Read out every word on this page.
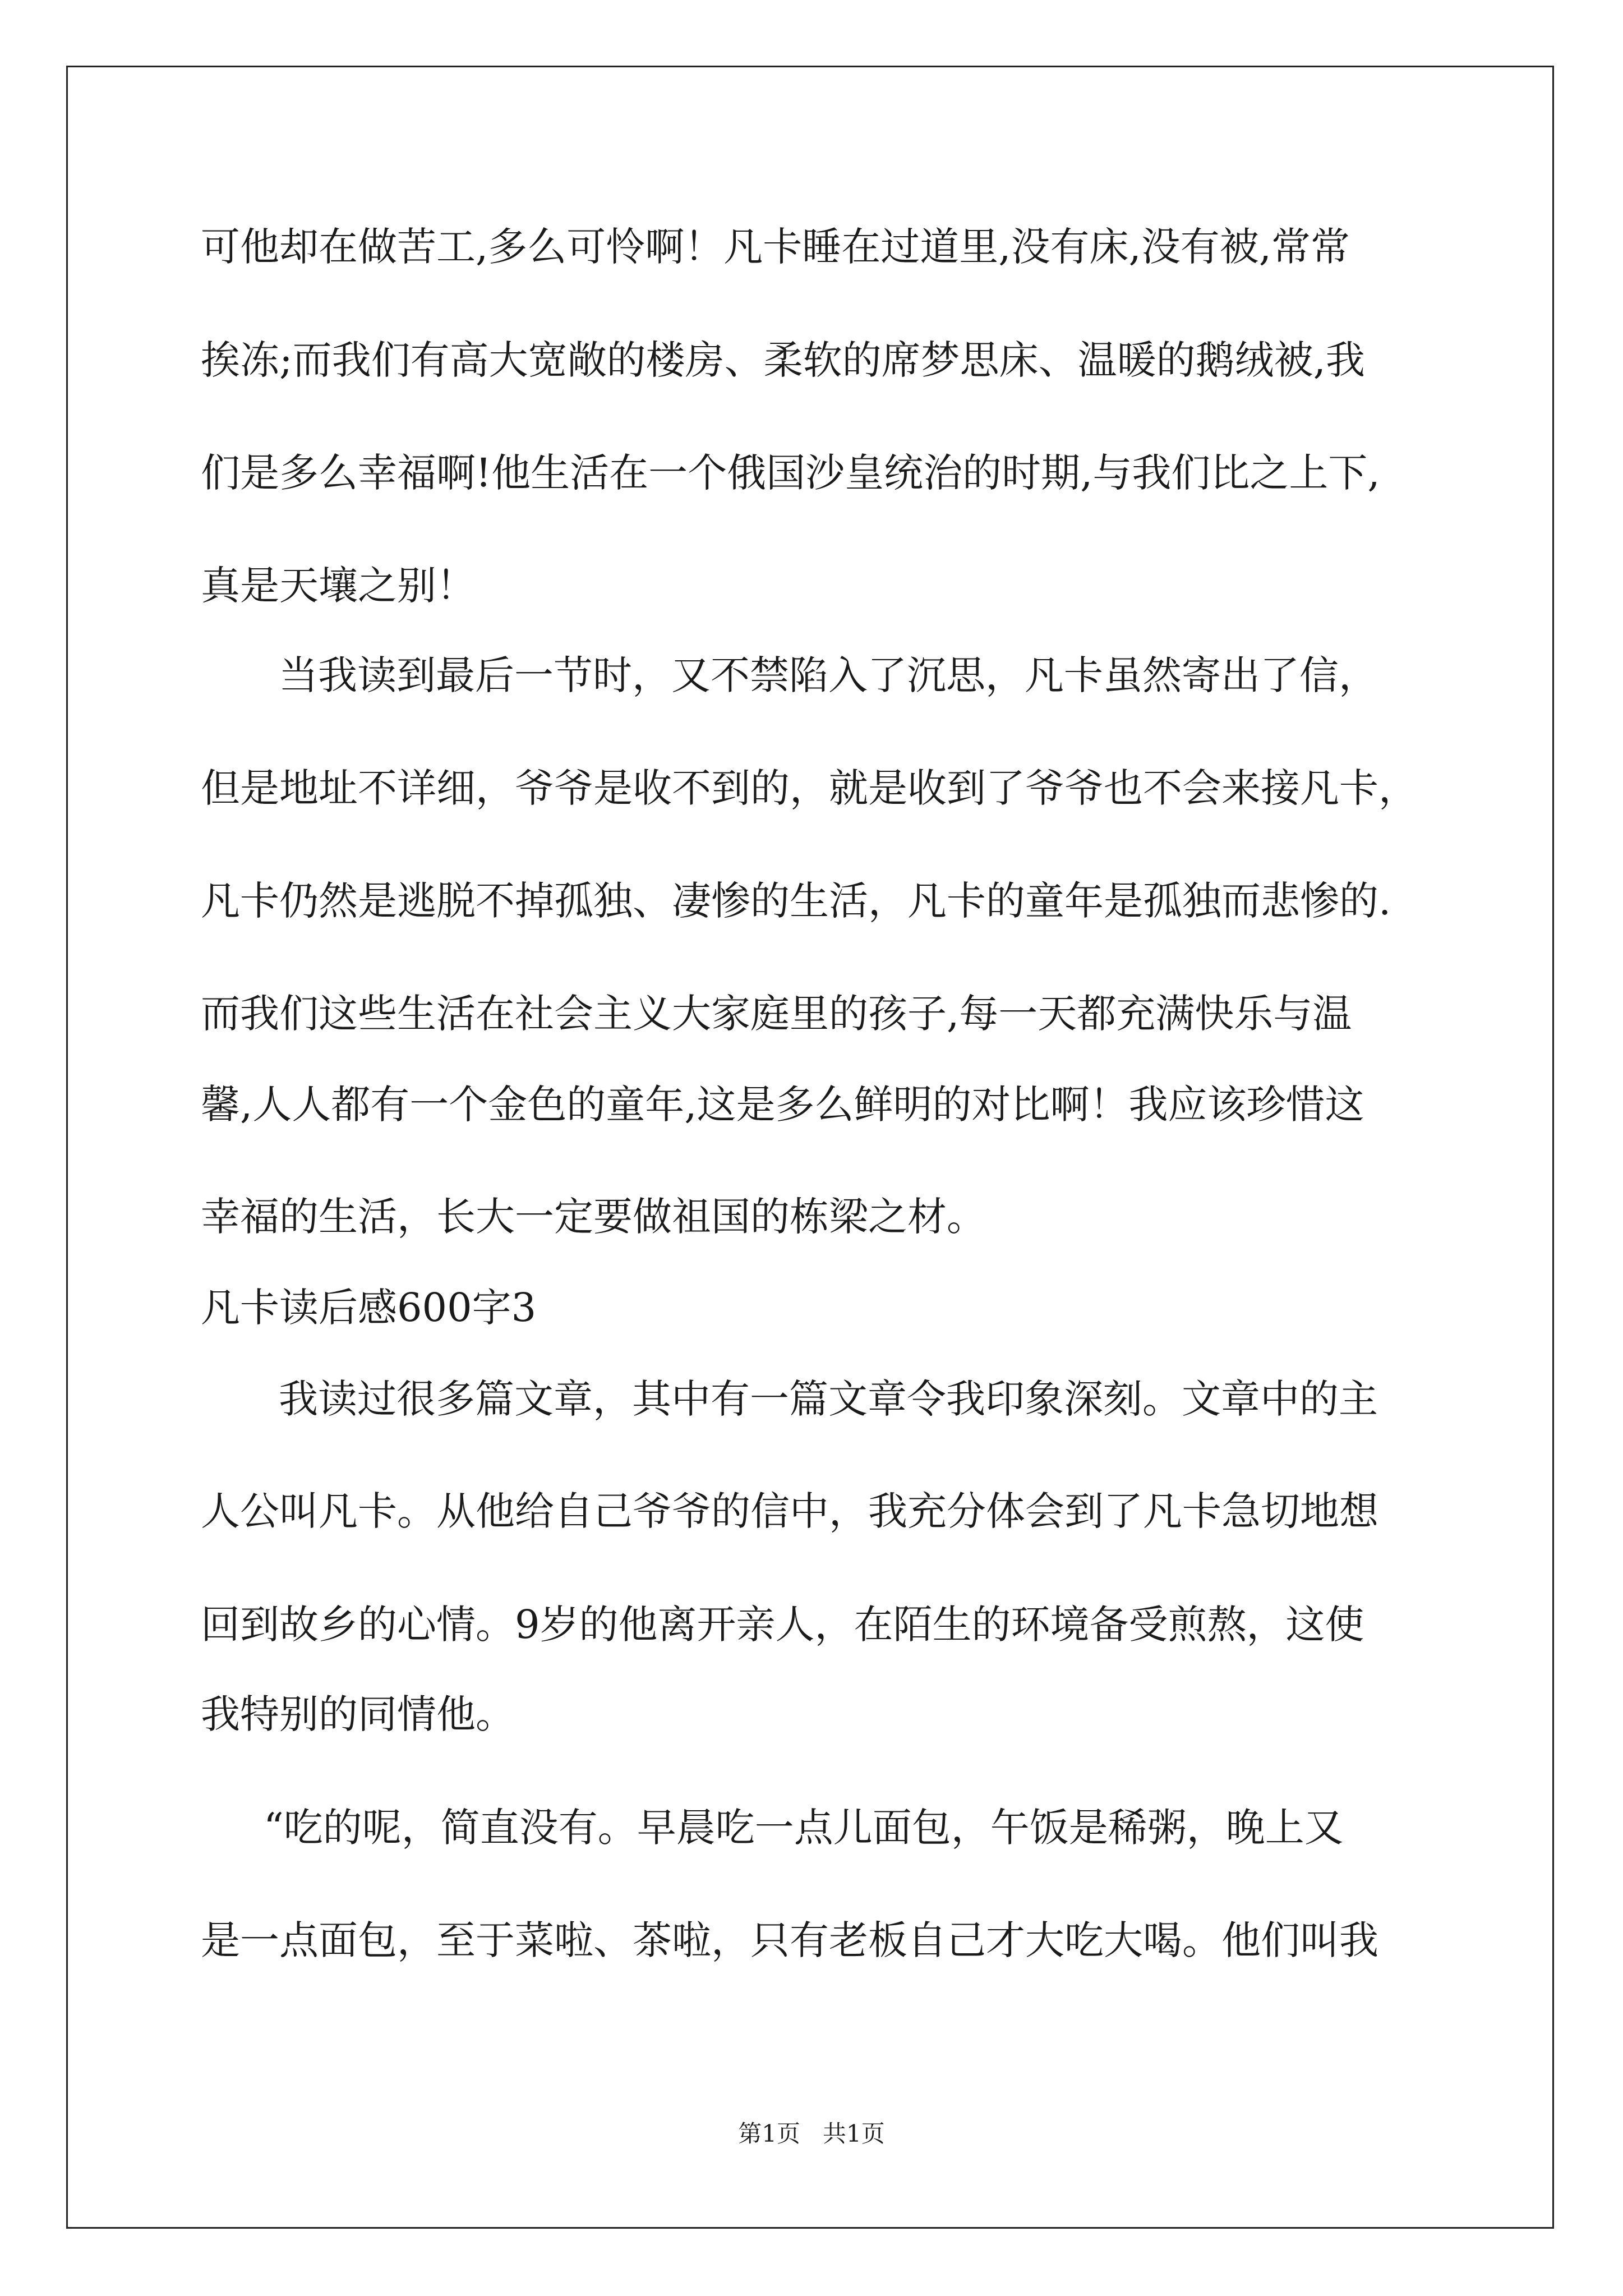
可他却在做苦工,多么可怜啊！凡卡睡在过道里,没有床,没有被,常常

挨冻;而我们有高大宽敞的楼房、柔软的席梦思床、温暖的鹅绒被,我

们是多么幸福啊!他生活在一个俄国沙皇统治的时期,与我们比之上下,

真是天壤之别！

当我读到最后一节时，又不禁陷入了沉思，凡卡虽然寄出了信，

但是地址不详细，爷爷是收不到的，就是收到了爷爷也不会来接凡卡，

凡卡仍然是逃脱不掉孤独、凄惨的生活，凡卡的童年是孤独而悲惨的.

而我们这些生活在社会主义大家庭里的孩子,每一天都充满快乐与温

馨,人人都有一个金色的童年,这是多么鲜明的对比啊！我应该珍惜这

幸福的生活，长大一定要做祖国的栋梁之材。

凡卡读后感600字3

我读过很多篇文章，其中有一篇文章令我印象深刻。文章中的主

人公叫凡卡。从他给自己爷爷的信中，我充分体会到了凡卡急切地想

回到故乡的心情。9岁的他离开亲人，在陌生的环境备受煎熬，这使

我特别的同情他。

“吃的呢，简直没有。早晨吃一点儿面包，午饭是稀粥，晚上又

是一点面包，至于菜啦、茶啦，只有老板自己才大吃大喝。他们叫我

第1页   共1页
